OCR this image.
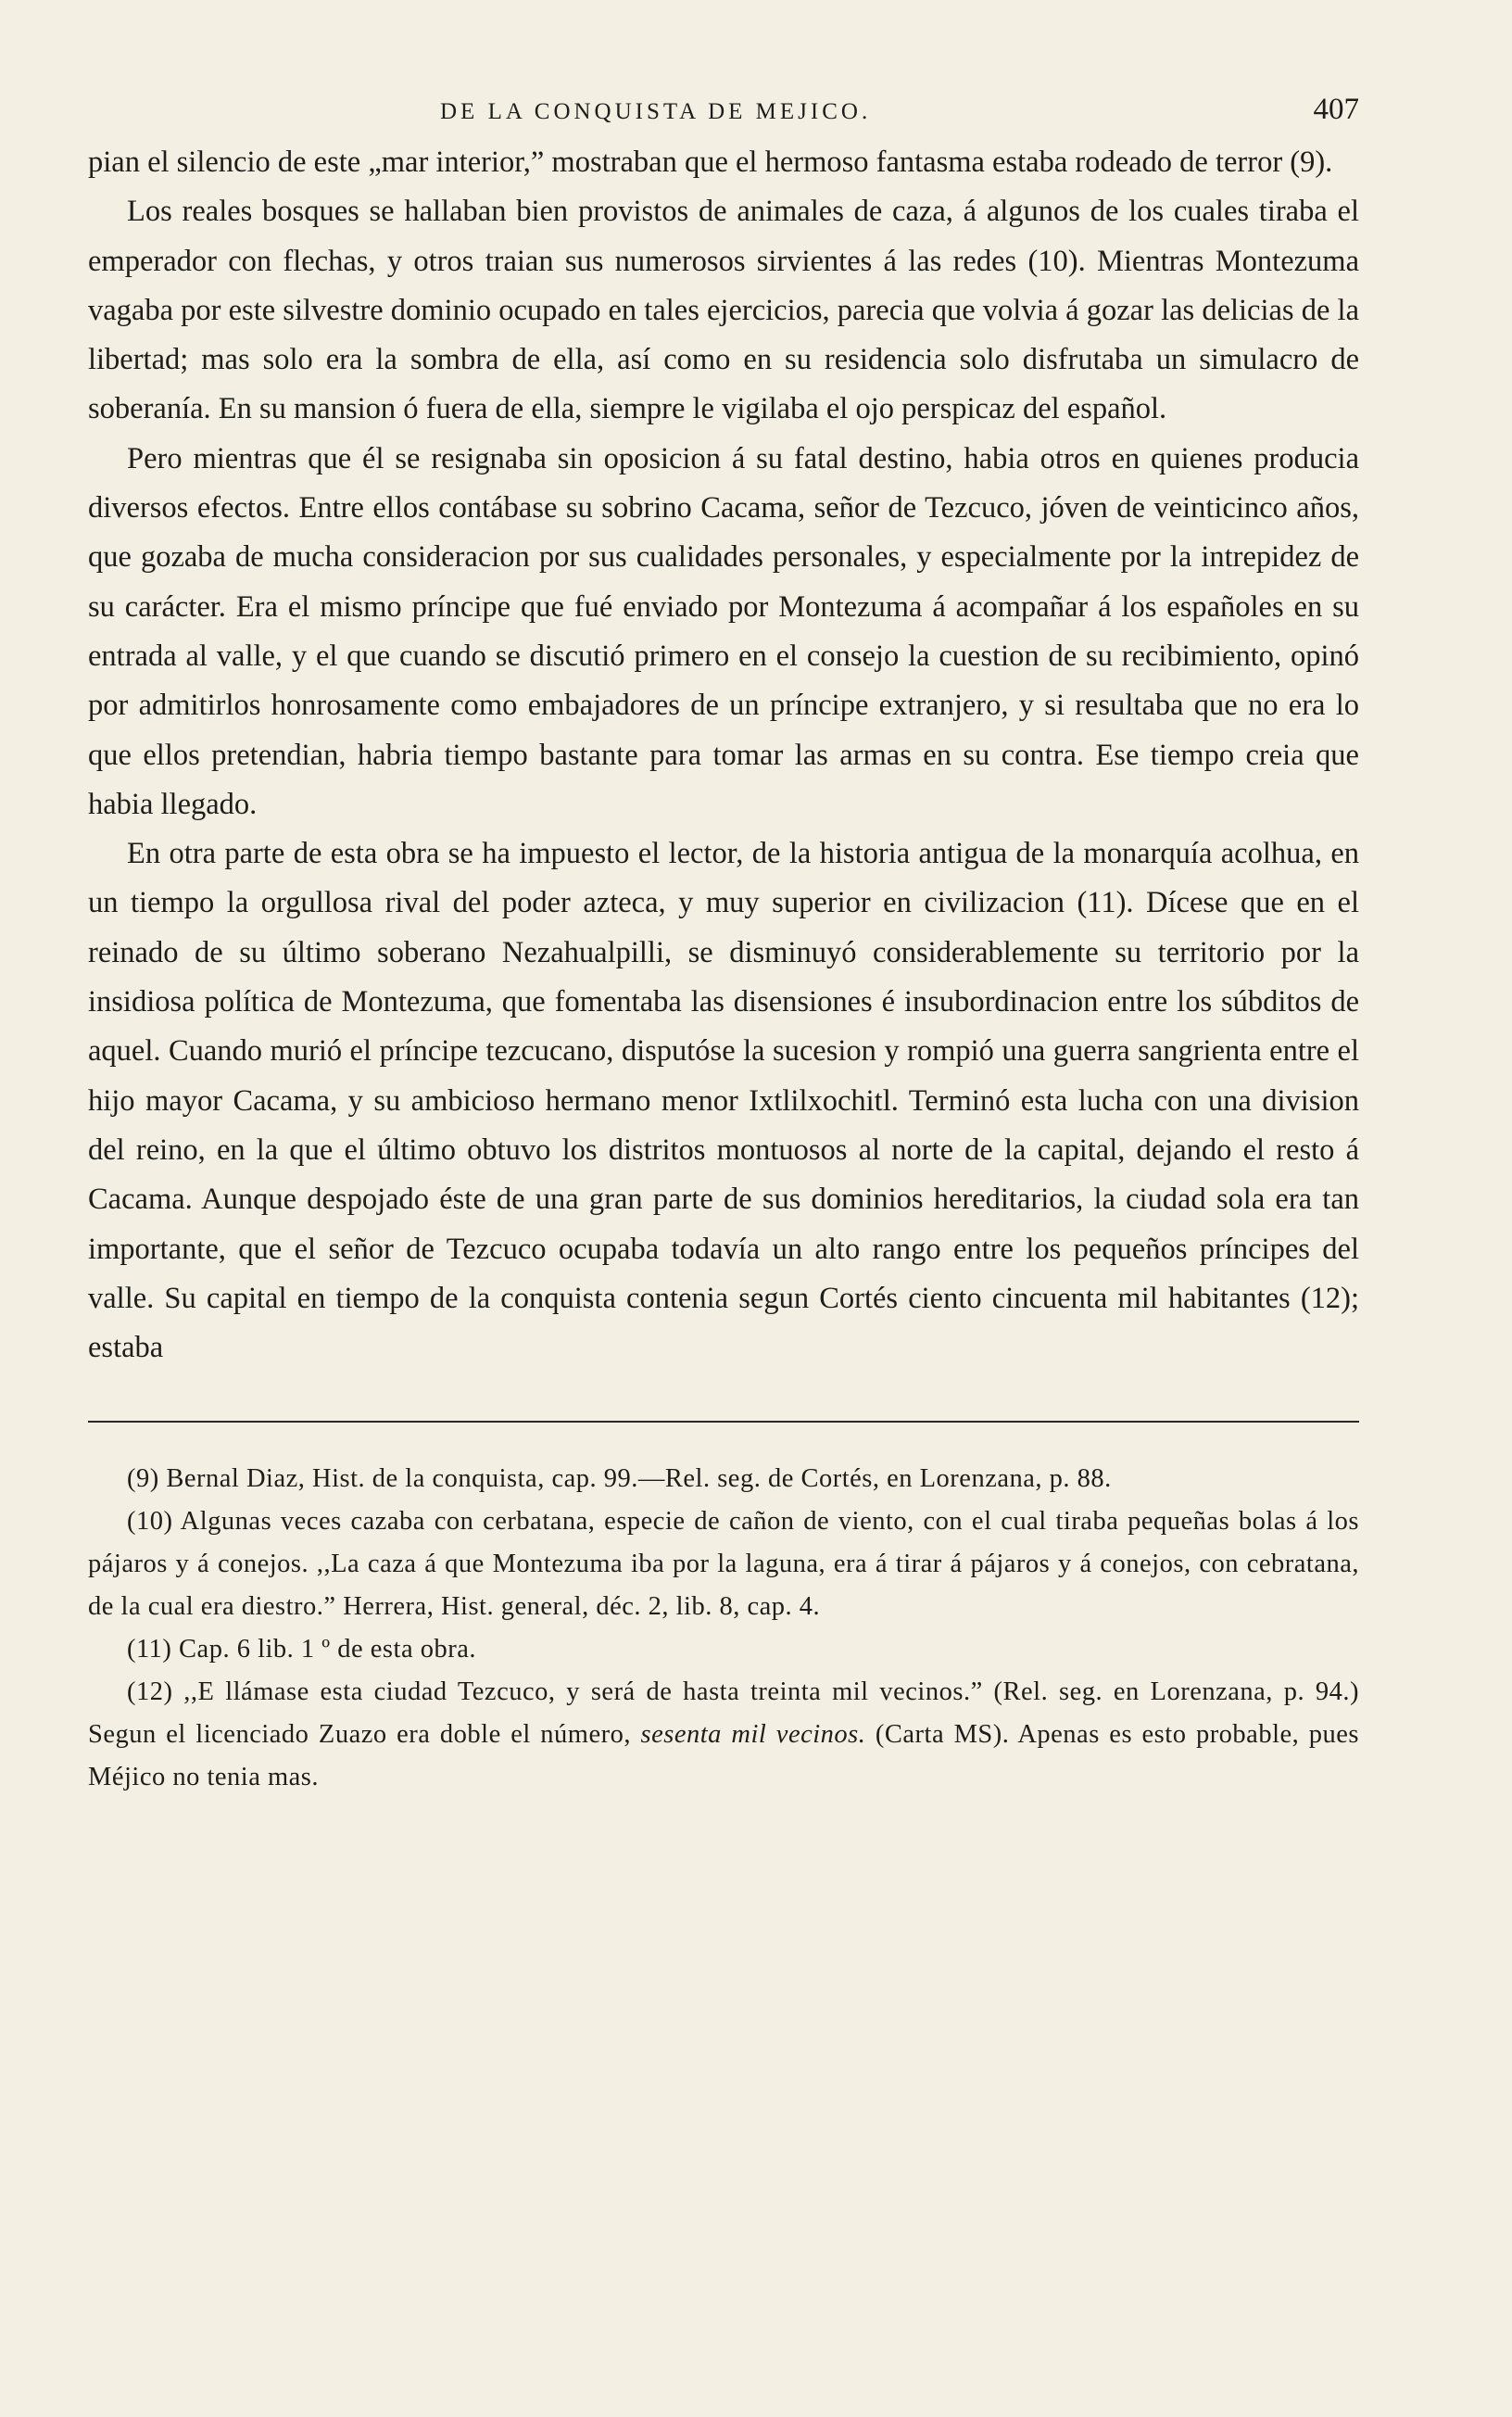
DE LA CONQUISTA DE MEJICO.	407

pian el silencio de este „mar interior,” mostraban que el hermoso fantasma estaba rodeado de terror (9).

Los reales bosques se hallaban bien provistos de animales de caza, á algunos de los cuales tiraba el emperador con flechas, y otros traian sus numerosos sirvientes á las redes (10). Mientras Montezuma vagaba por este silvestre dominio ocupado en tales ejercicios, parecia que volvia á gozar las delicias de la libertad; mas solo era la sombra de ella, así como en su residencia solo disfrutaba un simulacro de soberanía. En su mansion ó fuera de ella, siempre le vigilaba el ojo perspicaz del español.

Pero mientras que él se resignaba sin oposicion á su fatal destino, habia otros en quienes producia diversos efectos. Entre ellos contábase su sobrino Cacama, señor de Tezcuco, jóven de veinticinco años, que gozaba de mucha consideracion por sus cualidades personales, y especialmente por la intrepidez de su carácter. Era el mismo príncipe que fué enviado por Montezuma á acompañar á los españoles en su entrada al valle, y el que cuando se discutió primero en el consejo la cuestion de su recibimiento, opinó por admitirlos honrosamente como embajadores de un príncipe extranjero, y si resultaba que no era lo que ellos pretendian, habria tiempo bastante para tomar las armas en su contra. Ese tiempo creia que habia llegado.

En otra parte de esta obra se ha impuesto el lector, de la historia antigua de la monarquía acolhua, en un tiempo la orgullosa rival del poder azteca, y muy superior en civilizacion (11). Dícese que en el reinado de su último soberano Nezahualpilli, se disminuyó considerablemente su territorio por la insidiosa política de Montezuma, que fomentaba las disensiones é insubordinacion entre los súbditos de aquel. Cuando murió el príncipe tezcucano, disputóse la sucesion y rompió una guerra sangrienta entre el hijo mayor Cacama, y su ambicioso hermano menor Ixtlilxochitl. Terminó esta lucha con una division del reino, en la que el último obtuvo los distritos montuosos al norte de la capital, dejando el resto á Cacama. Aunque despojado éste de una gran parte de sus dominios hereditarios, la ciudad sola era tan importante, que el señor de Tezcuco ocupaba todavía un alto rango entre los pequeños príncipes del valle. Su capital en tiempo de la conquista contenia segun Cortés ciento cincuenta mil habitantes (12); estaba

(9) Bernal Diaz, Hist. de la conquista, cap. 99.—Rel. seg. de Cortés, en Lorenzana, p. 88.

(10) Algunas veces cazaba con cerbatana, especie de cañon de viento, con el cual tiraba pequeñas bolas á los pájaros y á conejos. ,,La caza á que Montezuma iba por la laguna, era á tirar á pájaros y á conejos, con cebratana, de la cual era diestro.” Herrera, Hist. general, déc. 2, lib. 8, cap. 4.

(11) Cap. 6 lib. 1 º de esta obra.

(12) ,,E llámase esta ciudad Tezcuco, y será de hasta treinta mil vecinos.” (Rel. seg. en Lorenzana, p. 94.) Segun el licenciado Zuazo era doble el número, sesenta mil vecinos. (Carta MS). Apenas es esto probable, pues Méjico no tenia mas.
